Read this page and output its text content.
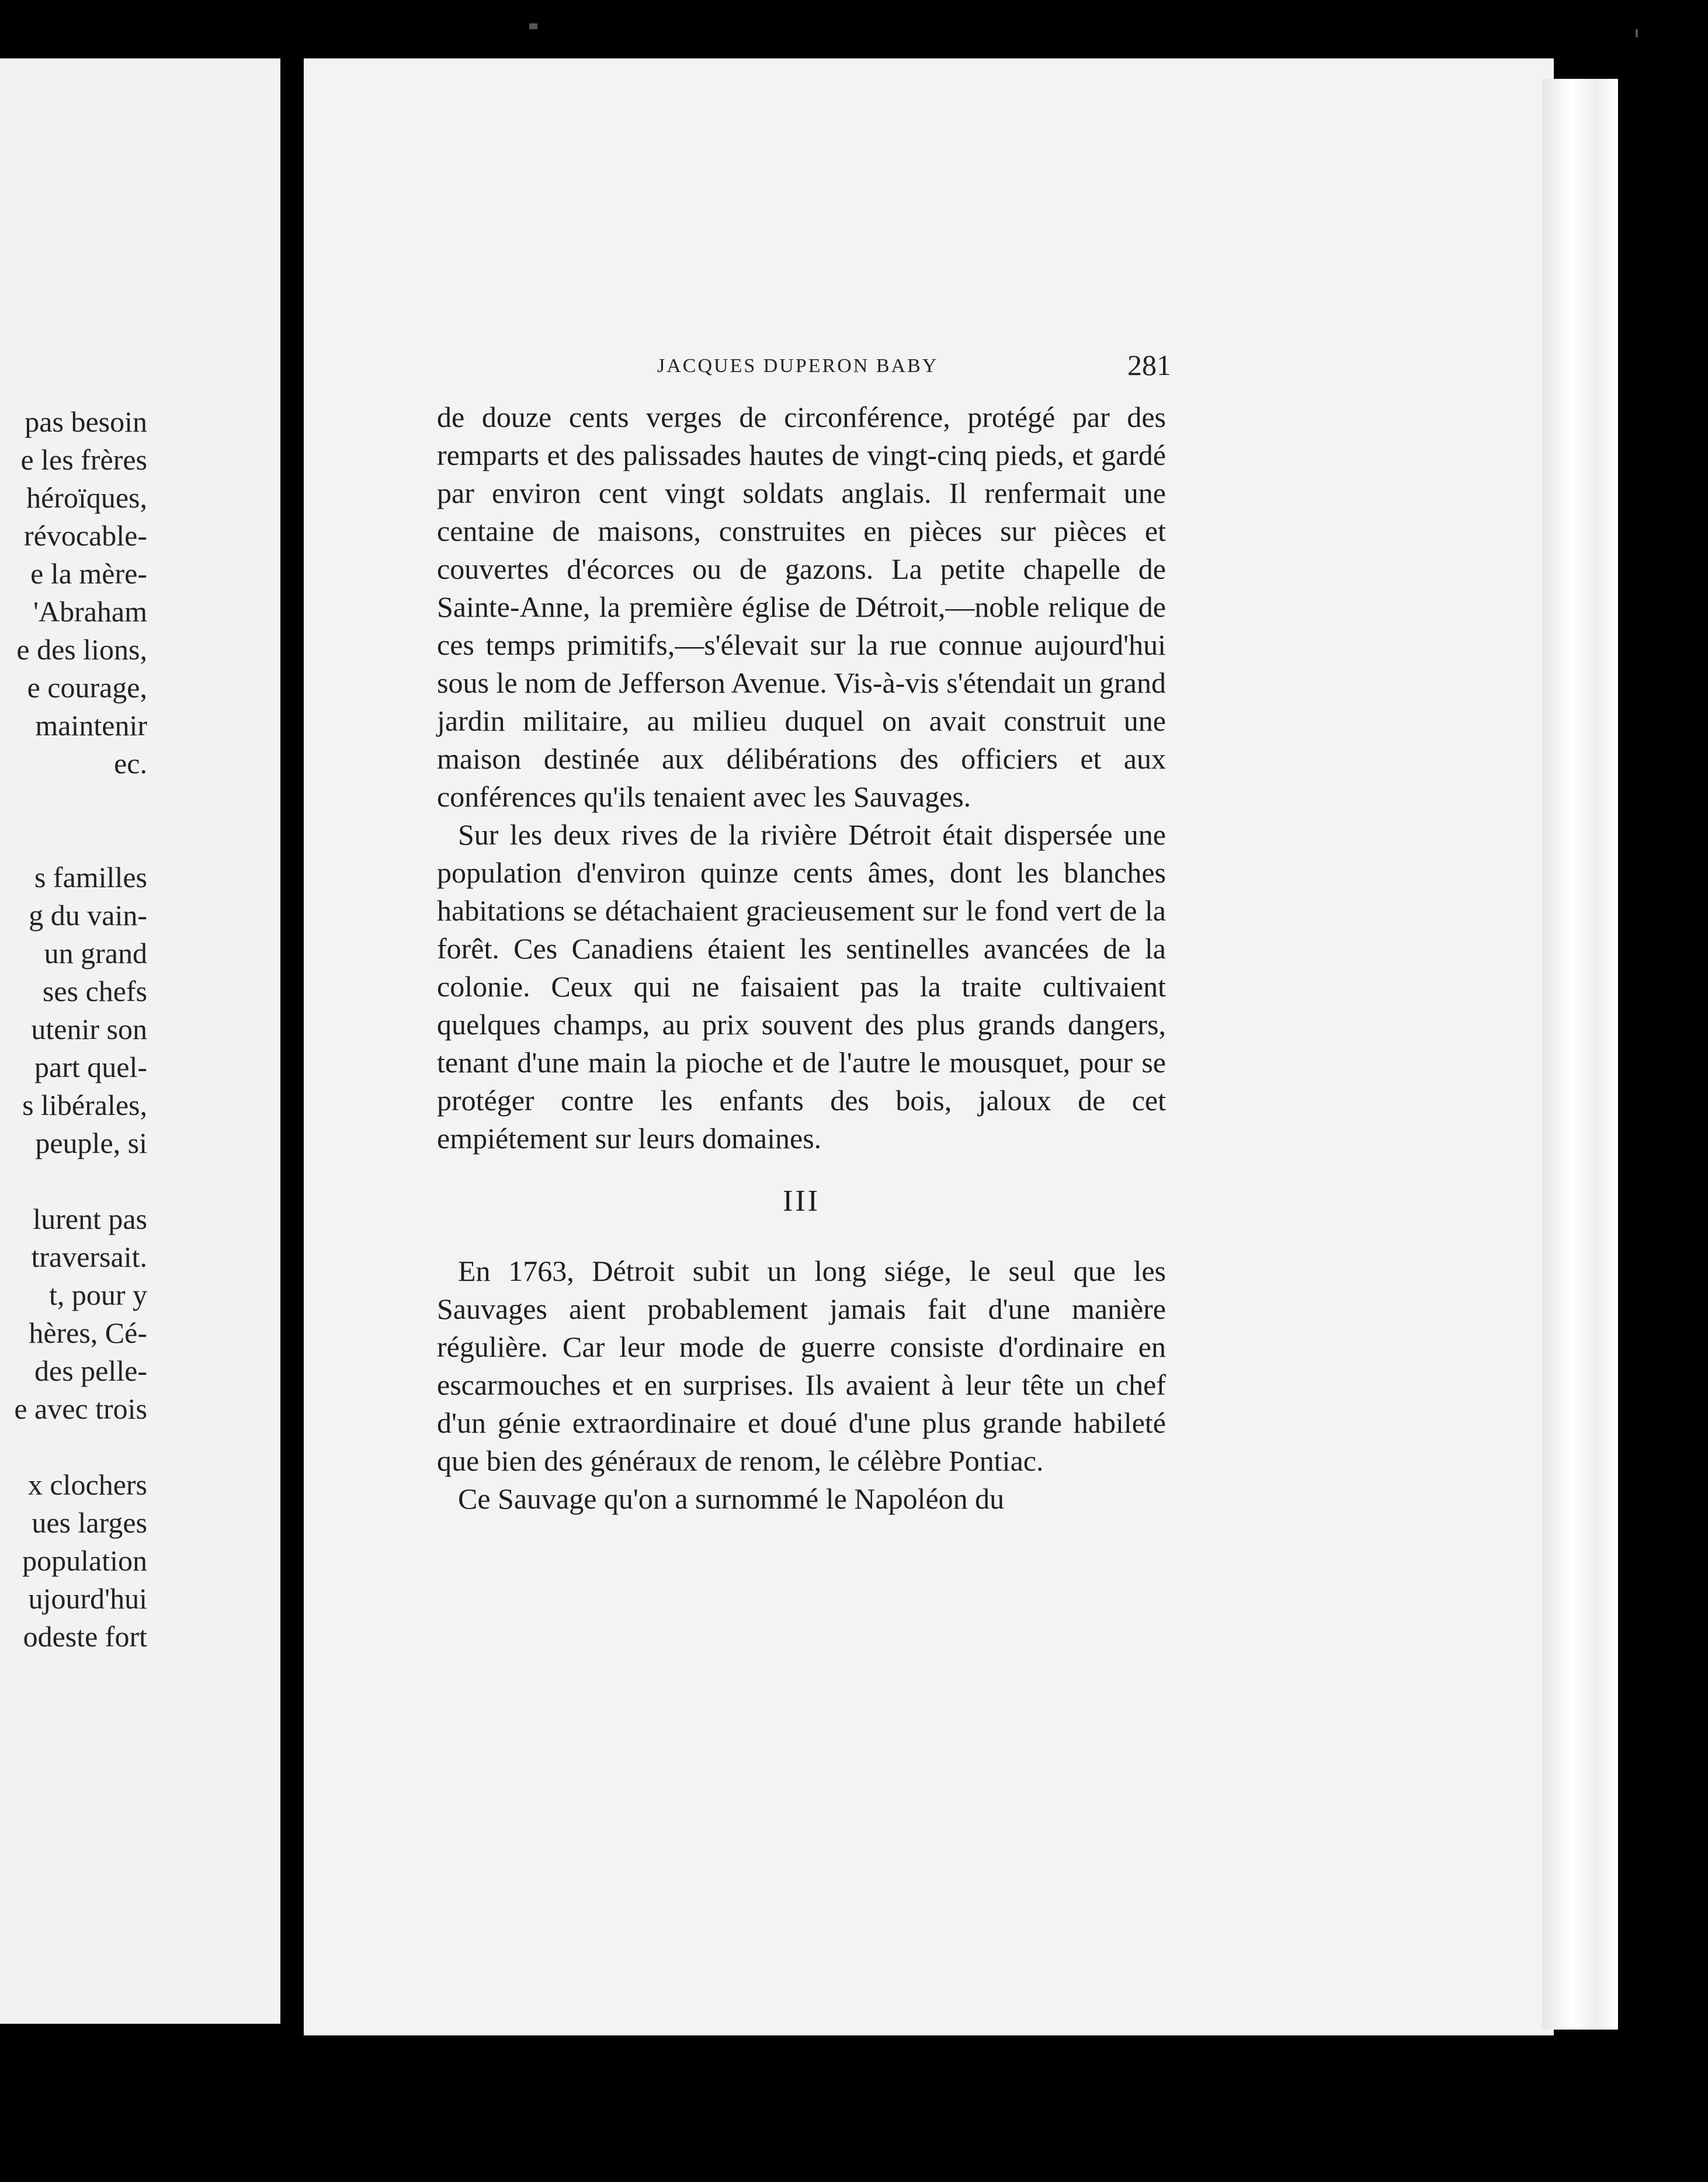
pas besoin
e les frères
héroïques,
révocable-
e la mère-
'Abraham
e des lions,
e courage,
maintenir
ec.
s familles
g du vain-
un grand
ses chefs
utenir son
part quel-
s libérales,
peuple, si
lurent pas
traversait.
t, pour y
hères, Cé-
des pelle-
e avec trois
x clochers
ues larges
population
ujourd'hui
odeste fort
JACQUES DUPERON BABY	281

de douze cents verges de circonférence, protégé par des remparts et des palissades hautes de vingt-cinq pieds, et gardé par environ cent vingt soldats anglais. Il renfermait une centaine de maisons, construites en pièces sur pièces et couvertes d'écorces ou de gazons. La petite chapelle de Sainte-Anne, la première église de Détroit,—noble relique de ces temps primitifs,—s'élevait sur la rue connue aujourd'hui sous le nom de Jefferson Avenue. Vis-à-vis s'étendait un grand jardin militaire, au milieu duquel on avait construit une maison destinée aux délibérations des officiers et aux conférences qu'ils tenaient avec les Sauvages.

Sur les deux rives de la rivière Détroit était dispersée une population d'environ quinze cents âmes, dont les blanches habitations se détachaient gracieusement sur le fond vert de la forêt. Ces Canadiens étaient les sentinelles avancées de la colonie. Ceux qui ne faisaient pas la traite cultivaient quelques champs, au prix souvent des plus grands dangers, tenant d'une main la pioche et de l'autre le mousquet, pour se protéger contre les enfants des bois, jaloux de cet empiétement sur leurs domaines.

III

En 1763, Détroit subit un long siége, le seul que les Sauvages aient probablement jamais fait d'une manière régulière. Car leur mode de guerre consiste d'ordinaire en escarmouches et en surprises. Ils avaient à leur tête un chef d'un génie extraordinaire et doué d'une plus grande habileté que bien des généraux de renom, le célèbre Pontiac.

Ce Sauvage qu'on a surnommé le Napoléon du
